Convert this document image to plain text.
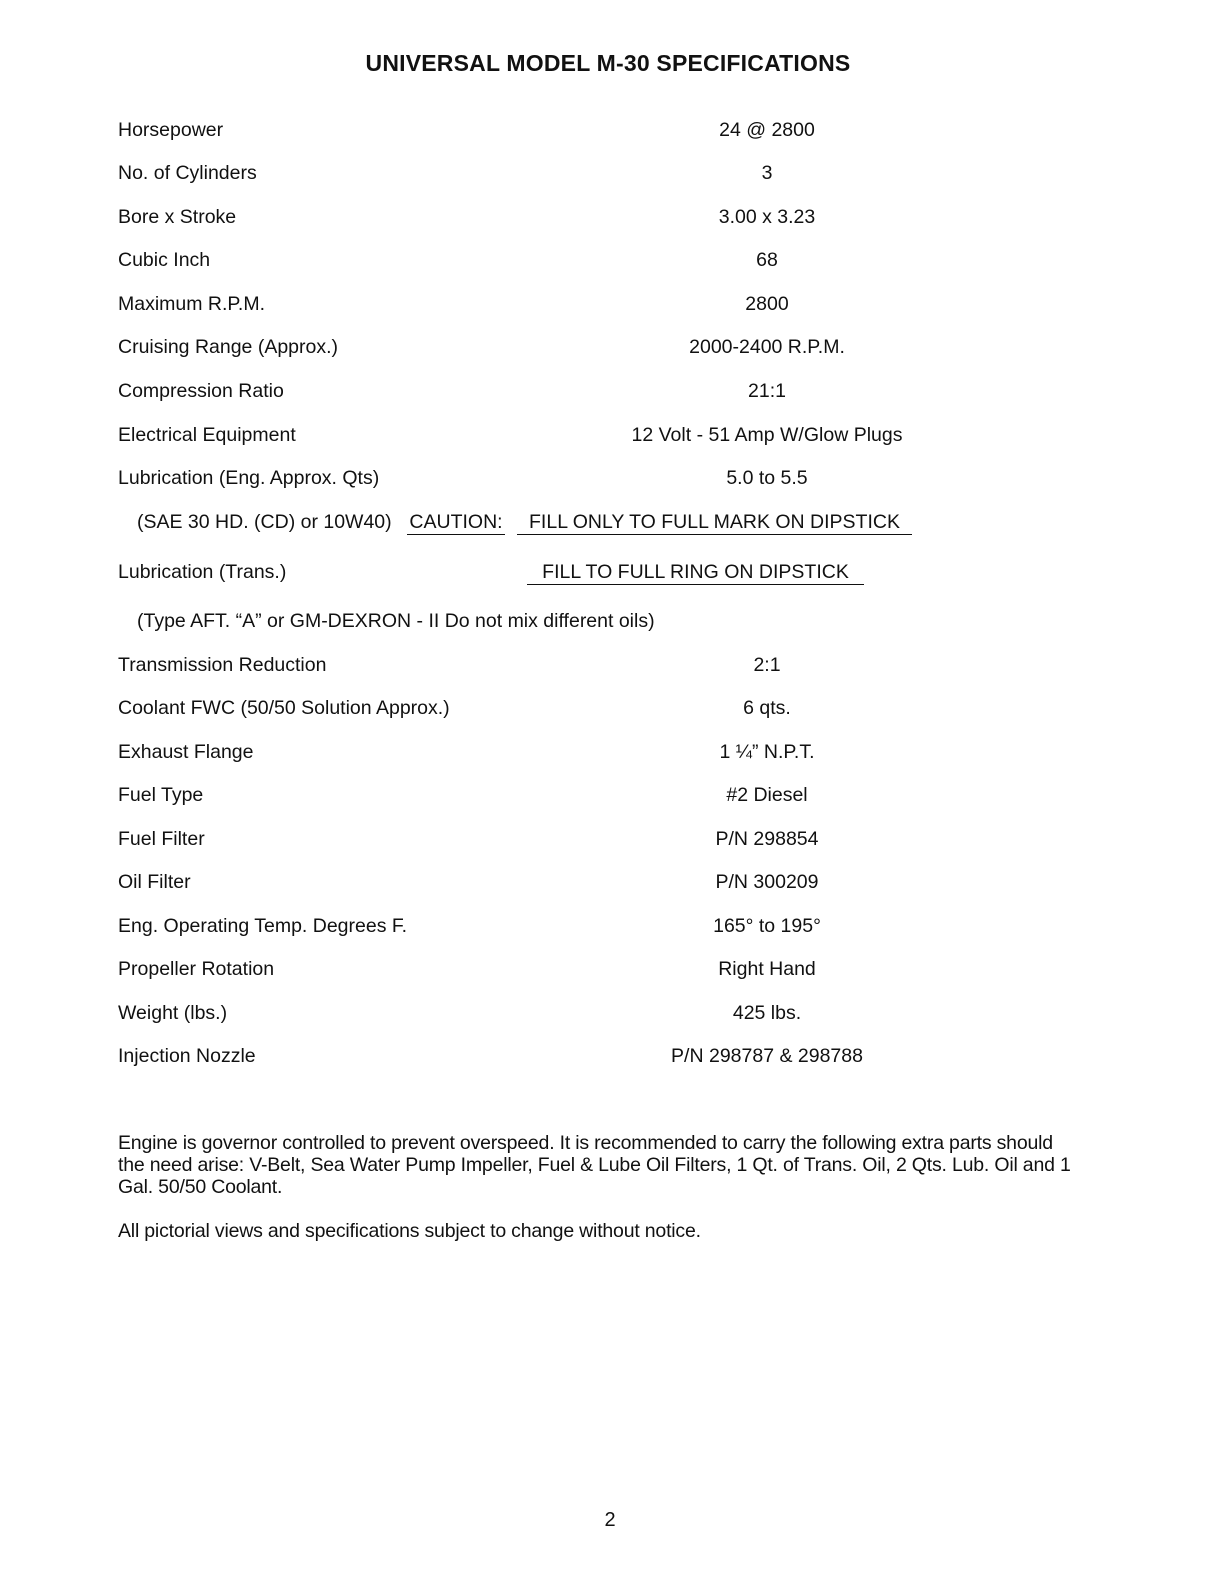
UNIVERSAL MODEL M-30 SPECIFICATIONS
Horsepower	24 @ 2800
No. of Cylinders	3
Bore x Stroke	3.00 x 3.23
Cubic Inch	68
Maximum R.P.M.	2800
Cruising Range (Approx.)	2000-2400 R.P.M.
Compression Ratio	21:1
Electrical Equipment	12 Volt - 51 Amp W/Glow Plugs
Lubrication (Eng. Approx. Qts)	5.0 to 5.5
(SAE 30 HD. (CD) or 10W40) CAUTION:	FILL ONLY TO FULL MARK ON DIPSTICK
Lubrication (Trans.)	FILL TO FULL RING ON DIPSTICK
(Type AFT. “A” or GM-DEXRON - II Do not mix different oils)
Transmission Reduction	2:1
Coolant FWC (50/50 Solution Approx.)	6 qts.
Exhaust Flange	1 ¼” N.P.T.
Fuel Type	#2 Diesel
Fuel Filter	P/N 298854
Oil Filter	P/N 300209
Eng. Operating Temp. Degrees F.	165° to 195°
Propeller Rotation	Right Hand
Weight (lbs.)	425 lbs.
Injection Nozzle	P/N 298787 & 298788
Engine is governor controlled to prevent overspeed. It is recommended to carry the following extra parts should the need arise: V-Belt, Sea Water Pump Impeller, Fuel & Lube Oil Filters, 1 Qt. of Trans. Oil, 2 Qts. Lub. Oil and 1 Gal. 50/50 Coolant.
All pictorial views and specifications subject to change without notice.
2
